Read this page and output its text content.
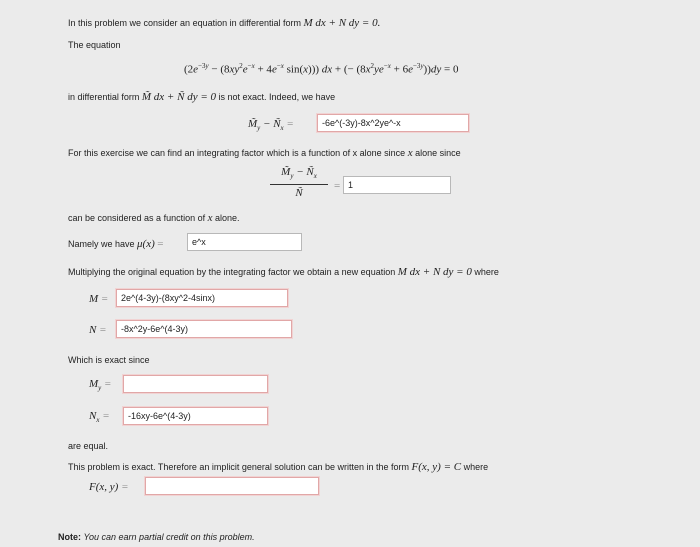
In this problem we consider an equation in differential form M dx + N dy = 0.
The equation
($2e^{-3y} - (8xy^2e^{-x} + 4e^{-x}$ sin(x))) dx + (− $(8x^2ye^{-x} + 6e^{-3y}))dy = 0$
in differential form M̃ dx + Ñ dy = 0 is not exact. Indeed, we have
$M̃_y$ − $Ñ_x$ =	-6e^(-3y)-8x^2ye^-x
For this exercise we can find an integrating factor which is a function of x alone since x alone since
$M̃_y$ − $Ñ_x$
Ñ
= 1
can be considered as a function of x alone.
Namely we have μ(x) =	e^x
Multiplying the original equation by the integrating factor we obtain a new equation M dx + N dy = 0 where
M =	2e^(4-3y)-(8xy^2-4sinx)
N =	-8x^2y-6e^(4-3y)
Which is exact since
$M_y$ =
$N_x$ =	-16xy-6e^(4-3y)
are equal.
This problem is exact. Therefore an implicit general solution can be written in the form F(x, y) = C where
F(x, y) =
Note: You can earn partial credit on this problem.
